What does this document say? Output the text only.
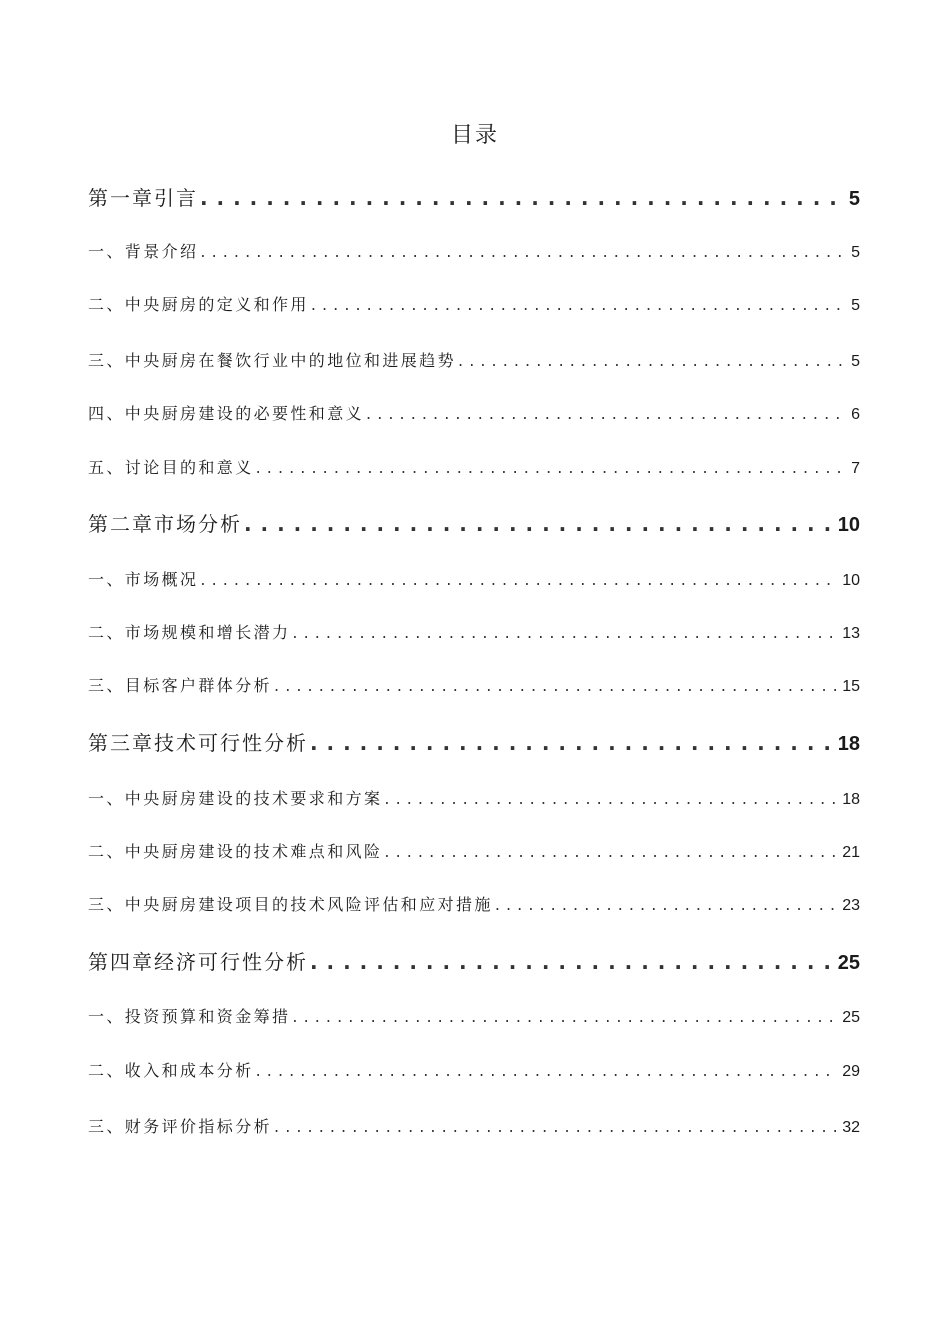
目录
第一章引言 . . .	5
一、背景介绍 . . .	5
二、中央厨房的定义和作用 . . .	5
三、中央厨房在餐饮行业中的地位和进展趋势 . . .	5
四、中央厨房建设的必要性和意义 . . .	6
五、讨论目的和意义 . . .	7
第二章市场分析 . . .	10
一、市场概况 . . .	10
二、市场规模和增长潜力 . . .	13
三、目标客户群体分析 . . .	15
第三章技术可行性分析 . . .	18
一、中央厨房建设的技术要求和方案 . . .	18
二、中央厨房建设的技术难点和风险 . . .	21
三、中央厨房建设项目的技术风险评估和应对措施 . . .	23
第四章经济可行性分析 . . .	25
一、投资预算和资金筹措 . . .	25
二、收入和成本分析 . . .	29
三、财务评价指标分析 . . .	32
